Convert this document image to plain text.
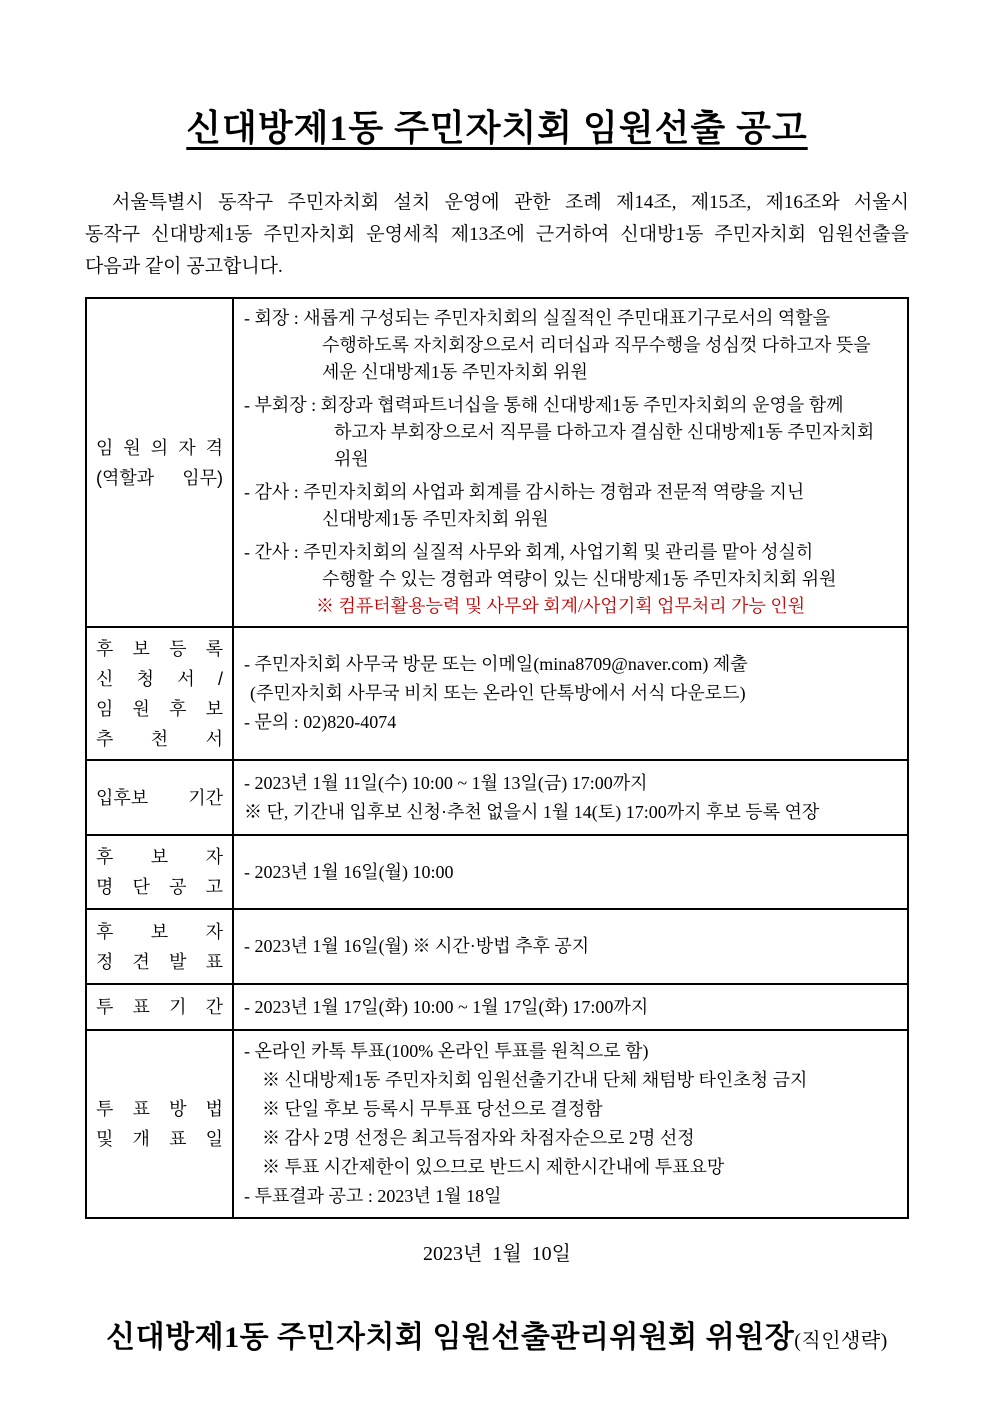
신대방제1동 주민자치회 임원선출 공고
서울특별시 동작구 주민자치회 설치 운영에 관한 조례 제14조, 제15조, 제16조와 서울시
동작구 신대방제1동 주민자치회 운영세칙 제13조에 근거하여 신대방1동 주민자치회 임원선출을
다음과 같이 공고합니다.
임 원 의 자 격
(역할과 임무)

- 회장 : 새롭게 구성되는 주민자치회의 실질적인 주민대표기구로서의 역할을
수행하도록 자치회장으로서 리더십과 직무수행을 성심껏 다하고자 뜻을
세운 신대방제1동 주민자치회 위원
- 부회장 : 회장과 협력파트너십을 통해 신대방제1동 주민자치회의 운영을 함께
하고자 부회장으로서 직무를 다하고자 결심한 신대방제1동 주민자치회 위원
- 감사 : 주민자치회의 사업과 회계를 감시하는 경험과 전문적 역량을 지닌
신대방제1동 주민자치회 위원
- 간사 : 주민자치회의 실질적 사무와 회계, 사업기획 및 관리를 맡아 성실히
수행할 수 있는 경험과 역량이 있는 신대방제1동 주민자치치회 위원
※ 컴퓨터활용능력 및 사무와 회계/사업기획 업무처리 가능 인원

후 보 등 록
신 청 서 /
임 원 후 보
추 천 서

- 주민자치회 사무국 방문 또는 이메일(mina8709@naver.com) 제출
(주민자치회 사무국 비치 또는 온라인 단톡방에서 서식 다운로드)
- 문의 : 02)820-4074

입후보 기간	- 2023년 1월 11일(수) 10:00 ~ 1월 13일(금) 17:00까지
※ 단, 기간내 입후보 신청·추천 없을시 1월 14(토) 17:00까지 후보 등록 연장

후 보 자
명 단 공 고	- 2023년 1월 16일(월) 10:00

후 보 자
정 견 발 표	- 2023년 1월 16일(월) ※ 시간·방법 추후 공지

투 표 기 간	- 2023년 1월 17일(화) 10:00 ~ 1월 17일(화) 17:00까지

투 표 방 법
및 개 표 일

- 온라인 카톡 투표(100% 온라인 투표를 원칙으로 함)
※ 신대방제1동 주민자치회 임원선출기간내 단체 채텀방 타인초청 금지
※ 단일 후보 등록시 무투표 당선으로 결정함
※ 감사 2명 선정은 최고득점자와 차점자순으로 2명 선정
※ 투표 시간제한이 있으므로 반드시 제한시간내에 투표요망
- 투표결과 공고 : 2023년 1월 18일
2023년  1월  10일
신대방제1동 주민자치회 임원선출관리위원회 위원장(직인생략)
